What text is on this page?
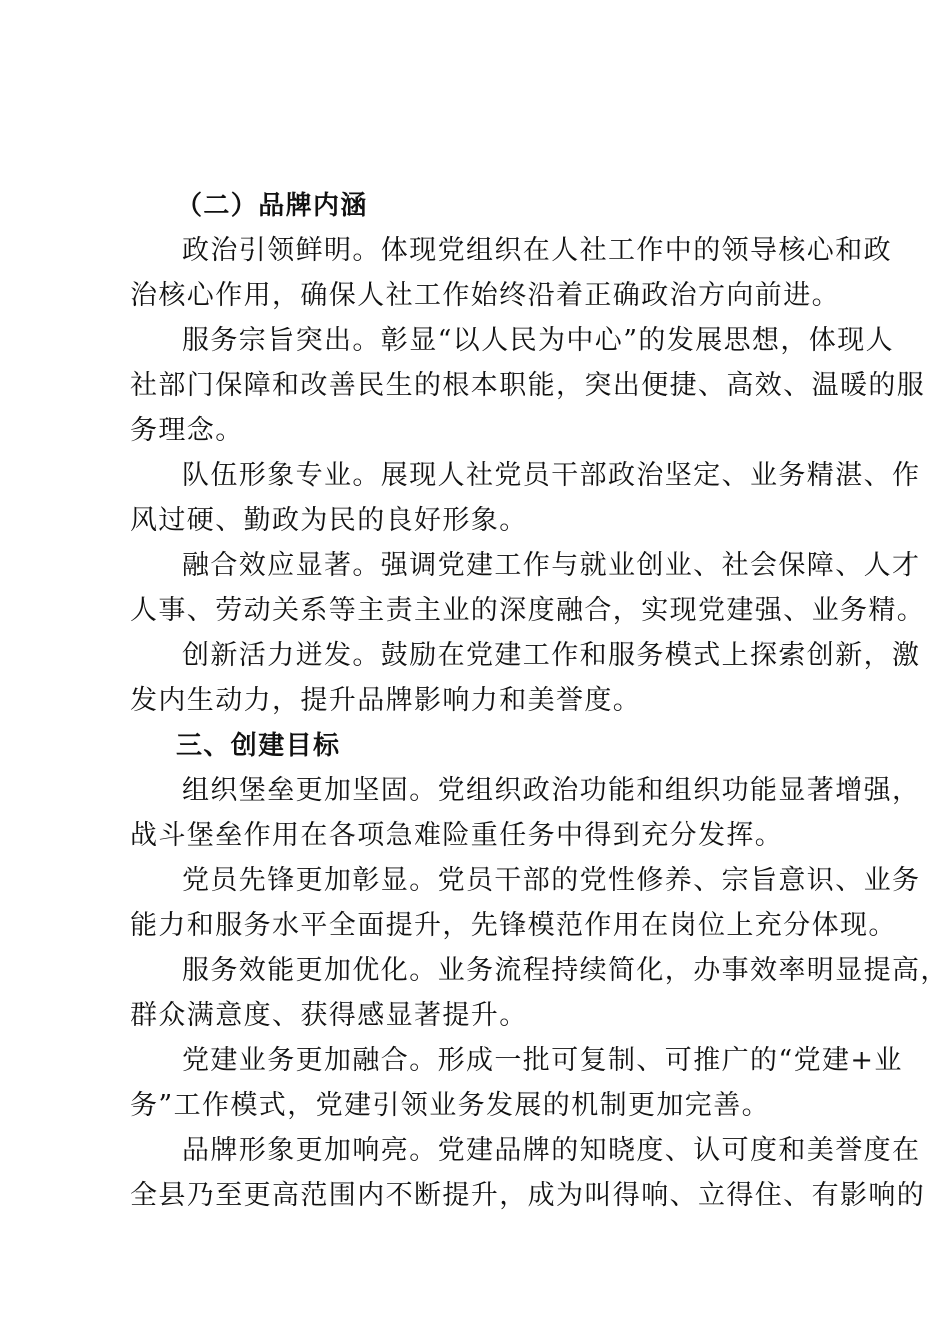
（二）品牌内涵
政治引领鲜明。体现党组织在人社工作中的领导核心和政
治核心作用，确保人社工作始终沿着正确政治方向前进。
服务宗旨突出。彰显“以人民为中心”的发展思想，体现人
社部门保障和改善民生的根本职能，突出便捷、高效、温暖的服
务理念。
队伍形象专业。展现人社党员干部政治坚定、业务精湛、作
风过硬、勤政为民的良好形象。
融合效应显著。强调党建工作与就业创业、社会保障、人才
人事、劳动关系等主责主业的深度融合，实现党建强、业务精。
创新活力迸发。鼓励在党建工作和服务模式上探索创新，激
发内生动力，提升品牌影响力和美誉度。
三、创建目标
组织堡垒更加坚固。党组织政治功能和组织功能显著增强，
战斗堡垒作用在各项急难险重任务中得到充分发挥。
党员先锋更加彰显。党员干部的党性修养、宗旨意识、业务
能力和服务水平全面提升，先锋模范作用在岗位上充分体现。
服务效能更加优化。业务流程持续简化，办事效率明显提高，
群众满意度、获得感显著提升。
党建业务更加融合。形成一批可复制、可推广的“党建+业
务”工作模式，党建引领业务发展的机制更加完善。
品牌形象更加响亮。党建品牌的知晓度、认可度和美誉度在
全县乃至更高范围内不断提升，成为叫得响、立得住、有影响的
